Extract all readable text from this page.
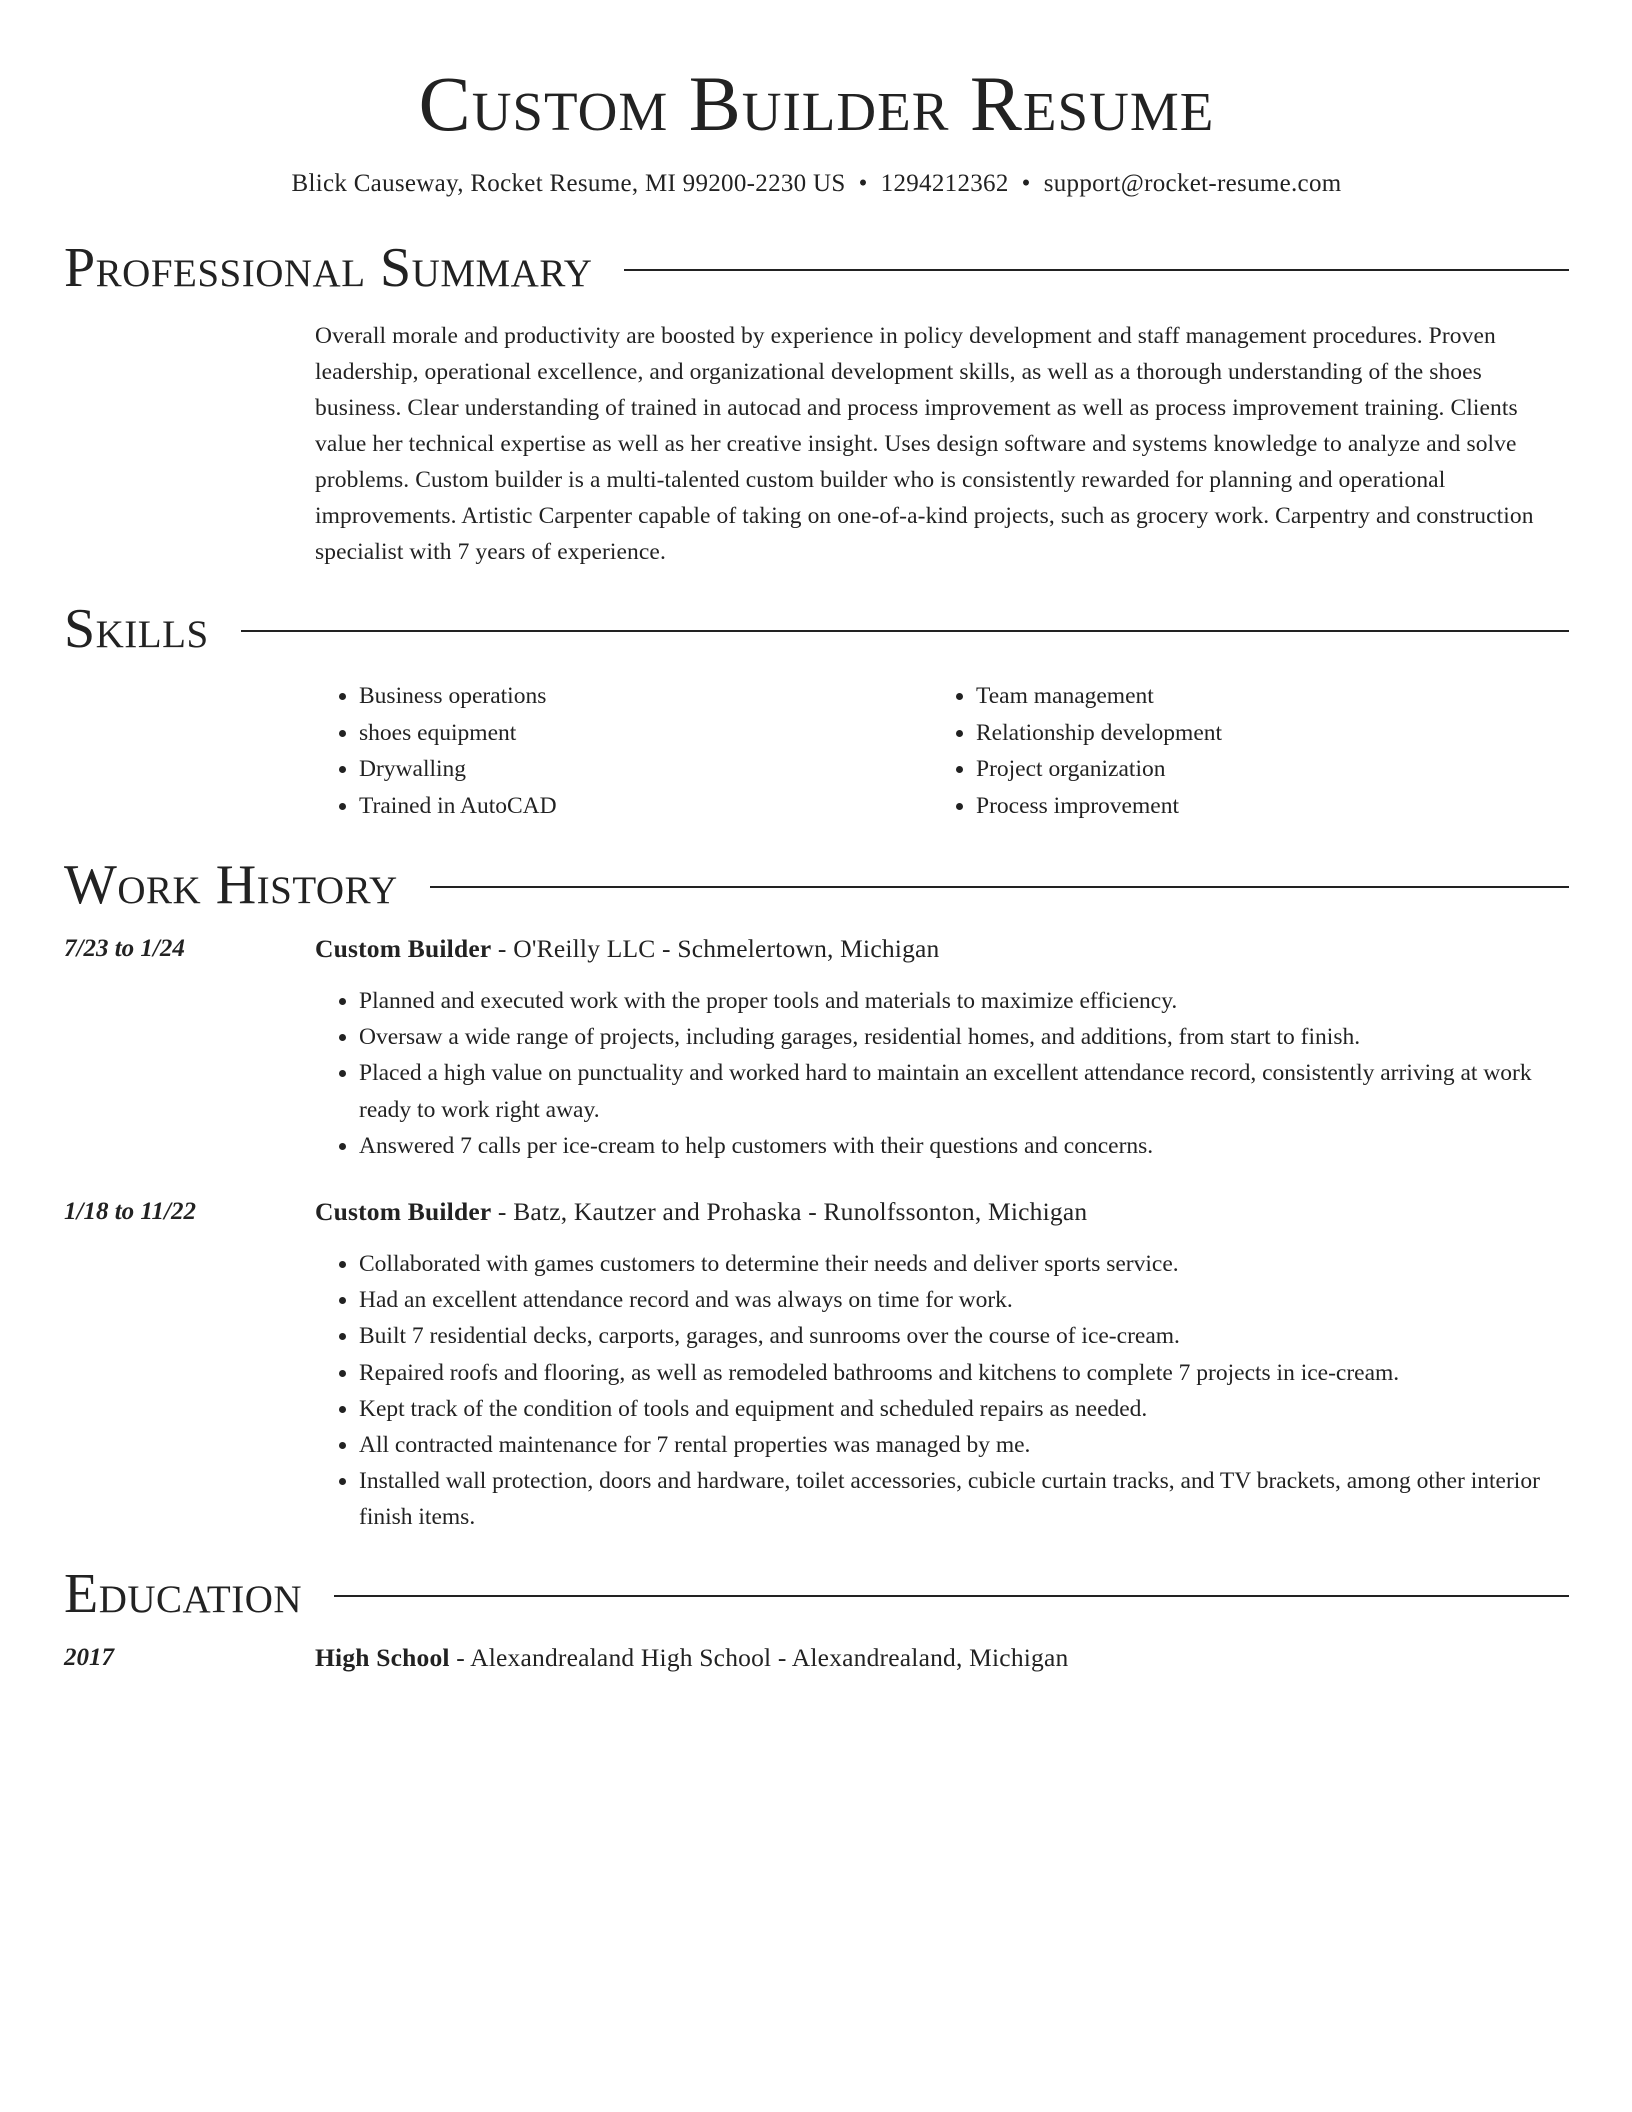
Custom Builder Resume
Blick Causeway, Rocket Resume, MI 99200-2230 US • 1294212362 • support@rocket-resume.com
Professional Summary

Overall morale and productivity are boosted by experience in policy development and staff management procedures. Proven leadership, operational excellence, and organizational development skills, as well as a thorough understanding of the shoes business. Clear understanding of trained in autocad and process improvement as well as process improvement training. Clients value her technical expertise as well as her creative insight. Uses design software and systems knowledge to analyze and solve problems. Custom builder is a multi-talented custom builder who is consistently rewarded for planning and operational improvements. Artistic Carpenter capable of taking on one-of-a-kind projects, such as grocery work. Carpentry and construction specialist with 7 years of experience.

Skills
• Business operations
• shoes equipment
• Drywalling
• Trained in AutoCAD
• Team management
• Relationship development
• Project organization
• Process improvement
Work History
7/23 to 1/24	Custom Builder - O'Reilly LLC - Schmelertown, Michigan
• Planned and executed work with the proper tools and materials to maximize efficiency.
• Oversaw a wide range of projects, including garages, residential homes, and additions, from start to finish.
• Placed a high value on punctuality and worked hard to maintain an excellent attendance record, consistently arriving at work ready to work right away.
• Answered 7 calls per ice-cream to help customers with their questions and concerns.
1/18 to 11/22	Custom Builder - Batz, Kautzer and Prohaska - Runolfssonton, Michigan
• Collaborated with games customers to determine their needs and deliver sports service.
• Had an excellent attendance record and was always on time for work.
• Built 7 residential decks, carports, garages, and sunrooms over the course of ice-cream.
• Repaired roofs and flooring, as well as remodeled bathrooms and kitchens to complete 7 projects in ice-cream.
• Kept track of the condition of tools and equipment and scheduled repairs as needed.
• All contracted maintenance for 7 rental properties was managed by me.
• Installed wall protection, doors and hardware, toilet accessories, cubicle curtain tracks, and TV brackets, among other interior finish items.
Education
2017	High School - Alexandrealand High School - Alexandrealand, Michigan
